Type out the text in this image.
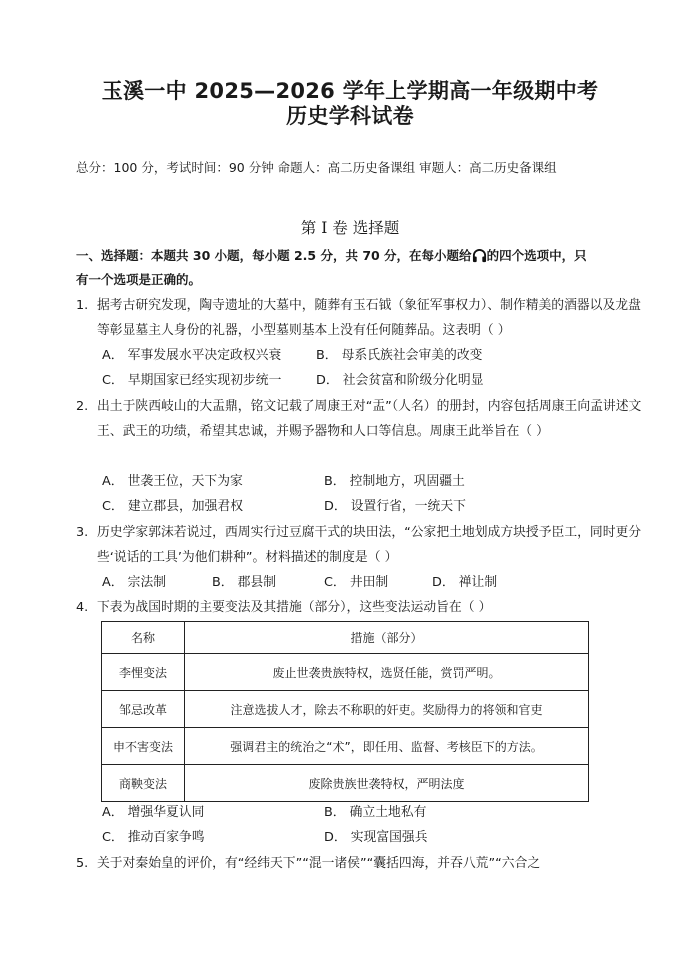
玉溪一中 2025—2026 学年上学期高一年级期中考
历史学科试卷
总分：100 分，考试时间：90 分钟 命题人：高二历史备课组 审题人：高二历史备课组
第 I 卷 选择题
一、选择题：本题共 30 小题，每小题 2.5 分，共 70 分，在每小题给 的四个选项中，只
有一个选项是正确的。
1. 据考古研究发现，陶寺遗址的大墓中，随葬有玉石钺（象征军事权力）、制作精美的酒器以及龙盘等彰显墓主人身份的礼器，小型墓则基本上没有任何随葬品。这表明（ ）
A． 军事发展水平决定政权兴衰	B． 母系氏族社会审美的改变
C． 早期国家已经实现初步统一	D． 社会贫富和阶级分化明显
2. 出土于陕西岐山的大盂鼎，铭文记载了周康王对“盂”（人名）的册封，内容包括周康王向孟讲述文王、武王的功绩，希望其忠诚，并赐予器物和人口等信息。周康王此举旨在（ ）
A． 世袭王位，天下为家	B． 控制地方，巩固疆土
C． 建立郡县，加强君权	D． 设置行省，一统天下
3. 历史学家郭沫若说过，西周实行过豆腐干式的块田法，“公家把土地划成方块授予臣工，同时更分些‘说话的工具’为他们耕种”。材料描述的制度是（ ）
A． 宗法制	B． 郡县制	C． 井田制	D． 禅让制
4. 下表为战国时期的主要变法及其措施（部分），这些变法运动旨在（ ）
名称	措施（部分）
李悝变法	废止世袭贵族特权，选贤任能，赏罚严明。
邹忌改革	注意选拔人才，除去不称职的奸吏。奖励得力的将领和官吏
申不害变法	强调君主的统治之“术”，即任用、监督、考核臣下的方法。
商鞅变法	废除贵族世袭特权，严明法度
A． 增强华夏认同	B． 确立土地私有
C． 推动百家争鸣	D． 实现富国强兵
5. 关于对秦始皇的评价，有“经纬天下”“混一诸侯”“囊括四海，并吞八荒”“六合之
